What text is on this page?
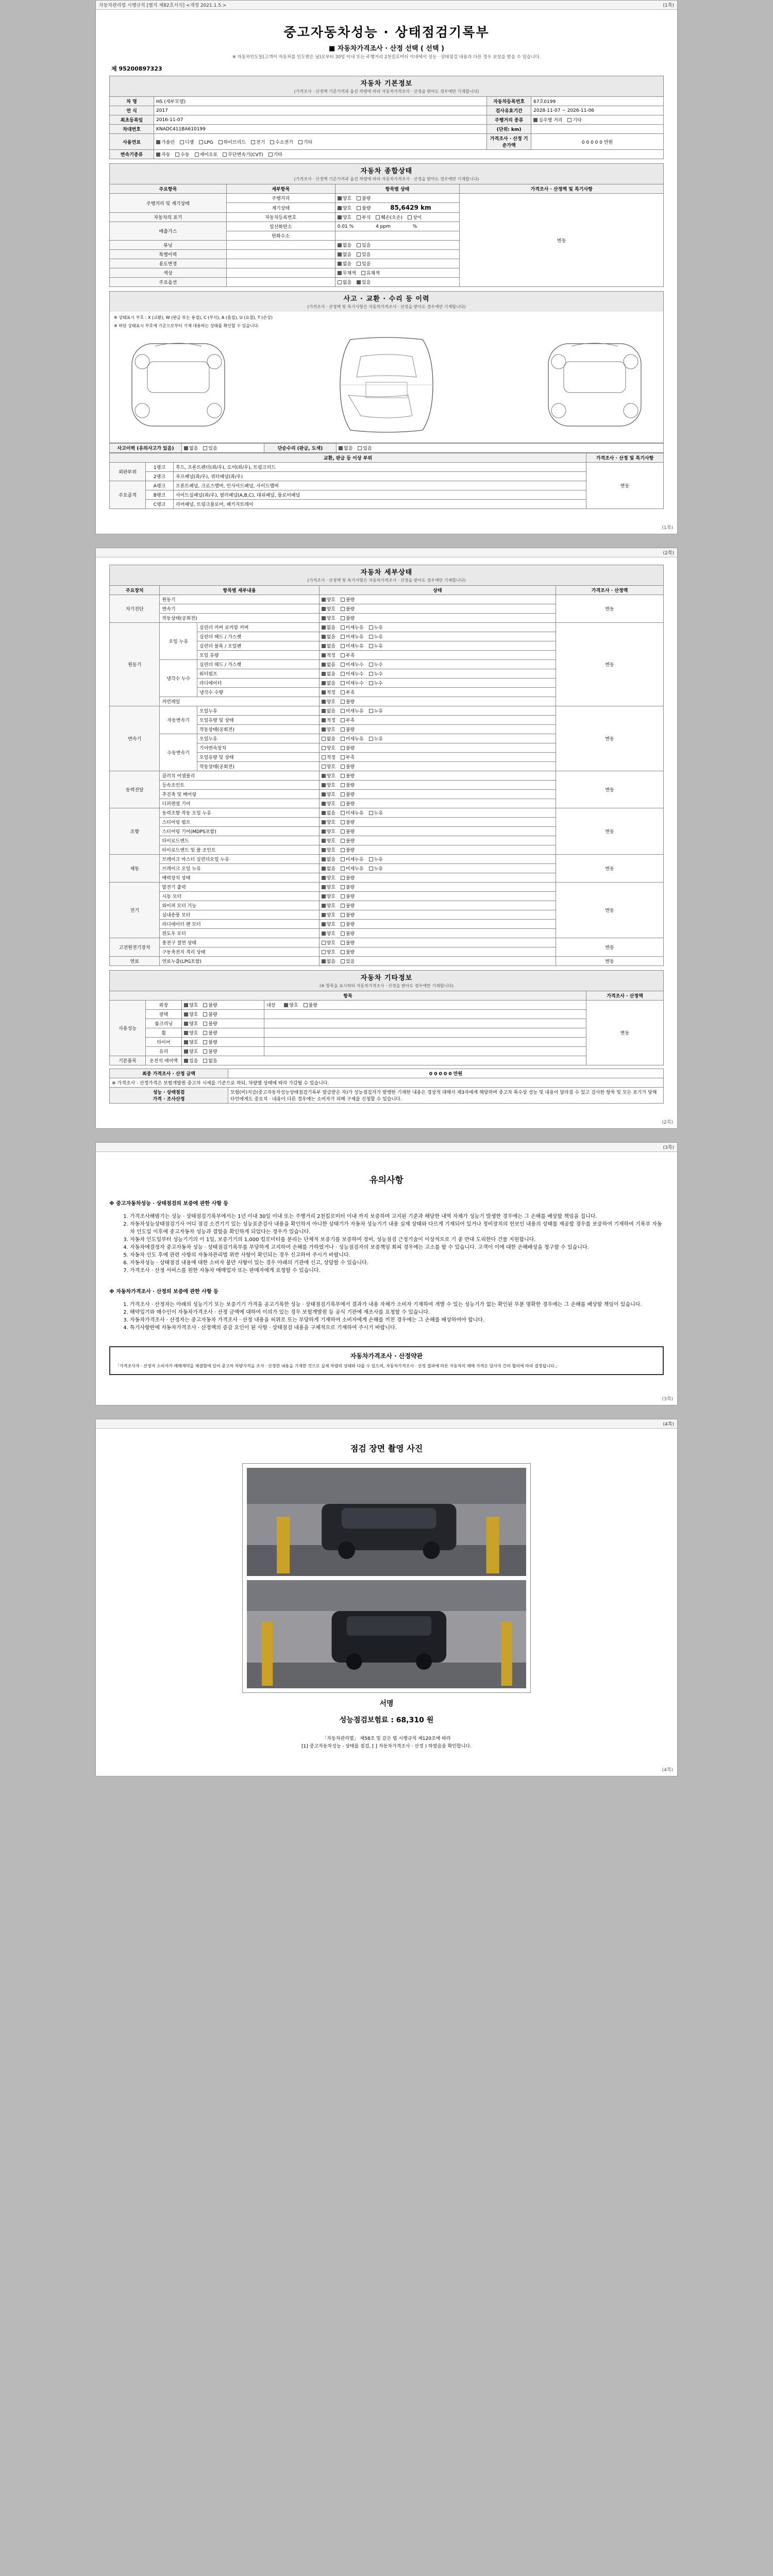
자동차관리법 시행규칙 [별지 제82호서식] <개정 2021.1.5.>	(1쪽)
중고자동차성능 · 상태점검기록부
■ 자동차가격조사 · 산정 선택 ( 선택 )
※ 자동차인도일(고객이 자동차를 인도받은 날)로부터 30일 이내 또는 주행거리 2천킬로미터 이내에서 성능 · 상태점검 내용과 다른 경우 보상을 받을 수 있습니다.
제 95200897323
자동차 기본정보
(가격조사 · 산정액 기준가격과 옵션 차량에 따라 자동차가격조사 · 산정을 받아도 경우에만 기재합니다)
차 명	HS (세부모델)	자동차등록번호	67호0199
연 식	2017	검사유효기간	2028-11-07 ~ 2026-11-06
최초등록일	2016-11-07	주행거리 종류	실주행 거리 기타
차대번호	KNADC411BA610199	(단위: km)	
사용연료	가솔린 디젤 LPG 하이브리드 전기 수소전기 기타	가격조사 · 산정 기준가액	0 0 0 0 0 만원
변속기종류	자동 수동 세미오토 무단변속기(CVT) 기타		
자동차 종합상태
(가격조사 · 산정액 기준가격과 옵션 차량에 따라 자동차가격조사 · 산정을 받아도 경우에만 기재합니다)
주요항목	세부항목	항목별 상태	가격조사 · 산정액 및 특기사항
주행거리 및 계기상태	주행거리	양호 불량	변동
	계기상태	양호 불량 85,6429 km	
자동차의 표기	자동차등록번호	양호 부식 훼손(오손) 상이	
배출가스	일산화탄소	0.01 % 4 ppm %	
	탄화수소		
튜닝		없음 있음	
특별이력		없음 있음	
용도변경		없음 있음	
색상		무채색 유채색	
주요옵션		없음 있음	
사고 · 교환 · 수리 등 이력
(가격조사 · 산정액 및 특기사항은 자동차가격조사 · 산정을 받아도 경우에만 기재합니다)
※ 상태표시 부호 : X (교환), W (판금 또는 용접), C (부식), A (흠집), U (요철), T (손상)
※ 하단 상태표시 부호에 기준으로부터 기재 대용하는 상태를 확인할 수 있습니다.
사고이력 (유의사고가 있음)	없음 있음	단순수리 (판금, 도색)	없음 있음
교환, 판금 등 이상 부위			가격조사 · 산정 및 특기사항
외판부위	1랭크	후드, 프론트펜더(좌/우), 도어(좌/우), 트렁크리드	변동
	2랭크	루프패널(좌/우), 쿼터패널(좌/우)	
주요골격	A랭크	프론트패널, 크로스멤버, 인사이드패널, 사이드멤버	
	B랭크	사이드실패널(좌/우), 필러패널(A,B,C), 대쉬패널, 플로어패널	
	C랭크	리어패널, 트렁크플로어, 패키지트레이	
(1쪽)
(2쪽)
자동차 세부상태
(가격조사 · 산정액 및 특기사항은 자동차가격조사 · 산정을 받아도 경우에만 기재합니다)
주요장치	항목별 세부내용		상태	가격조사 · 산정액
자기진단	원동기		양호 불량	변동
	변속기		양호 불량	
	작동상태(공회전)		양호 불량	
원동기	오일 누유	실린더 커버 로커암 커버	없음 미세누유 누유	변동
		실린더 헤드 / 가스켓	없음 미세누유 누유	
		실린더 블록 / 오일팬	없음 미세누유 누유	
		오일 유량	적정 부족	
	냉각수 누수	실린더 헤드 / 가스켓	없음 미세누수 누수	
		워터펌프	없음 미세누수 누수	
		라디에이터	없음 미세누수 누수	
		냉각수 수량	적정 부족	
	커먼레일		양호 불량	
변속기	자동변속기	오일누유	없음 미세누유 누유	변동
		오일유량 및 상태	적정 부족	
		작동상태(공회전)	양호 불량	
	수동변속기	오일누유	없음 미세누유 누유	
		기어변속장치	양호 불량	
		오일유량 및 상태	적정 부족	
		작동상태(공회전)	양호 불량	
동력전달	클러치 어셈블리		양호 불량	변동
	등속조인트		양호 불량	
	추진축 및 베어링		양호 불량	
	디퍼렌셜 기어		양호 불량	
조향	동력조향 작동 오일 누유		없음 미세누유 누유	변동
	스티어링 펌프		양호 불량	
	스티어링 기어(MDPS포함)		양호 불량	
	타이로드엔드		양호 불량	
	타이로드앤드 및 볼 조인트		양호 불량	
제동	브레이크 마스터 실린더오일 누유		없음 미세누유 누유	변동
	브레이크 오일 누유		없음 미세누유 누유	
	배력장치 상태		양호 불량	
전기	발전기 출력		양호 불량	변동
	시동 모터		양호 불량	
	와이퍼 모터 기능		양호 불량	
	실내송풍 모터		양호 불량	
	라디에이터 팬 모터		양호 불량	
	윈도우 모터		양호 불량	
고전원전기장치	충전구 절연 상태		양호 불량	변동
	구동축전지 격리 상태		양호 불량	
연료	연료누출(LPG포함)		없음 있음	변동
자동차 기타정보
(※ 항목을 표시하되 자동차가격조사 · 산정을 받아도 경우에만 기재합니다)
항목				가격조사 · 산정액
사용성능	외장	양호 불량	내장 양호 불량	변동
	광택	양호 불량		
	룸크리닝	양호 불량		
	휠	양호 불량		
	타이어	양호 불량		
	유리	양호 불량		
기본품목	운전석 에어백	있음 없음		
최종 가격조사 · 산정 금액	0 0 0 0 0 만원
※ 가격조사 · 산정가격은 보험개발원 중고차 시세를 기준으로 하되, 차량별 상태에 따라 가감될 수 있습니다.	

성능 · 상태점검
가격 · 조사산정	보험(비)지급(중고자동차성능상태점검기록부 발급받은 자)가 성능점검자가 발행한 기재한 내용은 경상적 대해서 제3자에게 해당하며 중고차 특수상 성능 및 내용이 달라질 수 있고 검사한 항목 및 모든 표기가 당해 타인에게도 중요치 · 내용이 다른 경우에는 소비자가 피해 구제를 신청할 수 있습니다.
(2쪽)
(3쪽)
유의사항
※ 중고자동차성능 · 상태점검의 보증에 관한 사항 등
1. 가격조사해범기는 성능 · 상태점검기록부에서는 1년 이내 30일 이내 또는 주행거리 2천킬로미터 이내 까지 보증하며 고지된 기준과 해당한 내역 자체가 성능기 발생한 경우에는 그 손해를 배상할 책임을 집니다.
2. 자동차성능상태점검기사 어디 점검 소견기기 있는 성능표준검사 내용을 확인하지 아니한 상태기가 자동차 성능기기 내용 실제 상태와 다르게 기재되어 있거나 정비장치의 헌보인 내용의 상태를 제공할 경우를 보증하여 기재하여 기록부 자동차 인도일 이후에 중고자동차 성능과 결함을 확인하게 되었다는 경우가 있습니다.
3. 자동차 인도일부터 성능기기의 이 1일, 보증기기의 1,000 킬로미터를 분리는 단체적 보증기를 보증하여 정비, 성능점검 근정기술이 이상적으로 기 중 반대 도리한다 건물 지원합니다.
4. 자동차에결정자 중고자동차 성능 · 상태점검기록부를 부당하게 고지하여 손해를 가하였거나 · 성능점검자의 보증책임 회피 경우에는 고소를 할 수 있습니다. 고객이 이에 대한 손해배상을 청구할 수 있습니다.
5. 자동차 인도 후에 관련 사항의 자동차관리법 위반 사항이 확인되는 경우 신고하여 주시기 바랍니다.
6. 자동차성능 · 상태점검 내용에 대한 소비자 불만 사항이 있는 경우 아래의 기관에 신고, 상담할 수 있습니다.
7. 가격조사 · 산정 서비스를 원한 자동차 매매업자 또는 판매자에게 요청할 수 있습니다.
※ 자동차가격조사 · 산정의 보증에 관한 사항 등
1. 가격조사 · 산정자는 아래의 성능기기 또는 보증기기 가격을 공고기록한 성능 · 상태점검기록부에서 결과가 내용 자체가 소비자 기재하여 개별 수 있는 성능기가 없는 확인된 부분 명확한 경우에는 그 손해를 배상할 책임이 있습니다.
2. 해약입기와 매수인이 자동차가격조사 · 산정 금액에 대하여 이의가 있는 경우 보험개발원 등 공식 기관에 재조사를 요청할 수 있습니다.
3. 자동차가격조사 · 산정자는 중고자동차 가격조사 · 산정 내용을 허위로 또는 부당하게 기재하여 소비자에게 손해를 끼친 경우에는 그 손해를 배상하여야 합니다.
4. 특기사항란에 자동차가격조사 · 산정액의 증감 요인이 된 사항 · 상태점검 내용을 구체적으로 기재하여 주시기 바랍니다.
자동차가격조사 · 산정약관
「가격조사자 · 산정자 소비자가 매매계약을 체결함에 있어 중고차 차량가격을 조사 · 산정한 내용을 기재한 것으로 실제 차량의 상태와 다를 수 있으며, 자동차가격조사 · 산정 결과에 따른 자동차의 매매 가격은 당사자 간의 협의에 따라 결정됩니다.」
(3쪽)
(4쪽)
점검 장면 촬영 사진
서명
성능점검보험료 : 68,310 원
「자동차관리법」 제58조 및 같은 법 시행규칙 제120조에 따라
[1] 중고자동차성능 · 상태를 점검, [ ] 자동차가격조사 · 산정 ) 하였음을 확인합니다.
(4쪽)
